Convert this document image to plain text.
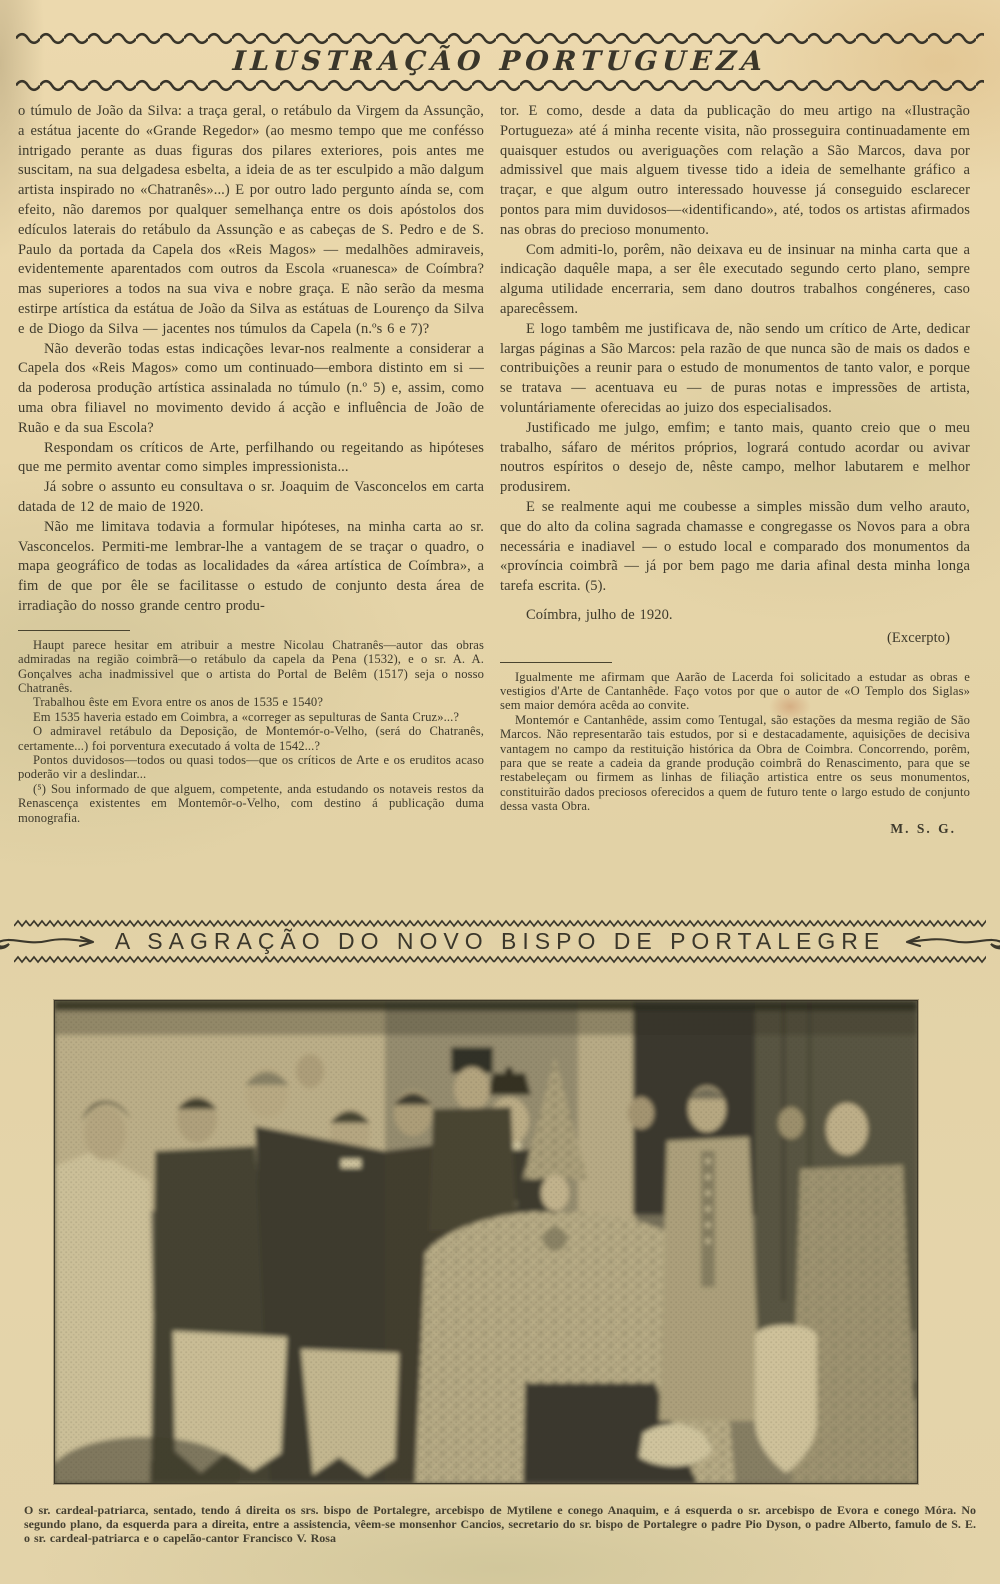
ILUSTRAÇÃO PORTUGUEZA

o túmulo de João da Silva: a traça geral, o retábulo da Virgem da Assunção, a estátua jacente do «Grande Regedor» (ao mesmo tempo que me confésso intrigado perante as duas figuras dos pilares exteriores, pois antes me suscitam, na sua delgadesa esbelta, a ideia de as ter esculpido a mão dalgum artista inspirado no «Chatranês»...) E por outro lado pergunto aínda se, com efeito, não daremos por qualquer semelhança entre os dois apóstolos dos edículos laterais do retábulo da Assunção e as cabeças de S. Pedro e de S. Paulo da portada da Capela dos «Reis Magos» — medalhões admiraveis, evidentemente aparentados com outros da Escola «ruanesca» de Coímbra? mas superiores a todos na sua viva e nobre graça. E não serão da mesma estirpe artística da estátua de João da Silva as estátuas de Lourenço da Silva e de Diogo da Silva — jacentes nos túmulos da Capela (n.ºs 6 e 7)?

Não deverão todas estas indicações levar-nos realmente a considerar a Capela dos «Reis Magos» como um continuado—embora distinto em si — da poderosa produção artística assinalada no túmulo (n.º 5) e, assim, como uma obra filiavel no movimento devido á acção e influência de João de Ruão e da sua Escola?

Respondam os críticos de Arte, perfilhando ou regeitando as hipóteses que me permito aventar como simples impressionista...

Já sobre o assunto eu consultava o sr. Joaquim de Vasconcelos em carta datada de 12 de maio de 1920.

Não me limitava todavia a formular hipóteses, na minha carta ao sr. Vasconcelos. Permiti-me lembrar-lhe a vantagem de se traçar o quadro, o mapa geográfico de todas as localidades da «área artística de Coímbra», a fim de que por êle se facilitasse o estudo de conjunto desta área de irradiação do nosso grande centro produ-

Haupt parece hesitar em atribuir a mestre Nicolau Chatranês—autor das obras admiradas na região coimbrã—o retábulo da capela da Pena (1532), e o sr. A. A. Gonçalves acha inadmissivel que o artista do Portal de Belêm (1517) seja o nosso Chatranês.

Trabalhou êste em Evora entre os anos de 1535 e 1540?

Em 1535 haveria estado em Coimbra, a «correger as sepulturas de Santa Cruz»...?

O admiravel retábulo da Deposição, de Montemór-o-Velho, (será do Chatranês, certamente...) foi porventura executado á volta de 1542...?

Pontos duvidosos—todos ou quasi todos—que os críticos de Arte e os eruditos acaso poderão vir a deslindar...

(⁵) Sou informado de que alguem, competente, anda estudando os notaveis restos da Renascença existentes em Montemôr-o-Velho, com destino á publicação duma monografia.

tor. E como, desde a data da publicação do meu artigo na «Ilustração Portugueza» até á minha recente visita, não prosseguira continuadamente em quaisquer estudos ou averiguações com relação a São Marcos, dava por admissivel que mais alguem tivesse tido a ideia de semelhante gráfico a traçar, e que algum outro interessado houvesse já conseguido esclarecer pontos para mim duvidosos—«identificando», até, todos os artistas afirmados nas obras do precioso monumento.

Com admiti-lo, porêm, não deixava eu de insinuar na minha carta que a indicação daquêle mapa, a ser êle executado segundo certo plano, sempre alguma utilidade encerraria, sem dano doutros trabalhos congéneres, caso aparecêssem.

E logo tambêm me justificava de, não sendo um crítico de Arte, dedicar largas páginas a São Marcos: pela razão de que nunca são de mais os dados e contribuições a reunir para o estudo de monumentos de tanto valor, e porque se tratava — acentuava eu — de puras notas e impressões de artista, voluntáriamente oferecidas ao juizo dos especialisados.

Justificado me julgo, emfim; e tanto mais, quanto creio que o meu trabalho, sáfaro de méritos próprios, logrará contudo acordar ou avivar noutros espíritos o desejo de, nêste campo, melhor labutarem e melhor produsirem.

E se realmente aqui me coubesse a simples missão dum velho arauto, que do alto da colina sagrada chamasse e congregasse os Novos para a obra necessária e inadiavel — o estudo local e comparado dos monumentos da «província coimbrã — já por bem pago me daria afinal desta minha longa tarefa escrita. (5).

Coímbra, julho de 1920.

(Excerpto)

Igualmente me afirmam que Aarão de Lacerda foi solicitado a estudar as obras e vestigios d'Arte de Cantanhêde. Faço votos por que o autor de «O Templo dos Siglas» sem maior demóra acêda ao convite.

Montemór e Cantanhêde, assim como Tentugal, são estações da mesma região de São Marcos. Não representarão tais estudos, por si e destacadamente, aquisições de decisiva vantagem no campo da restituição histórica da Obra de Coimbra. Concorrendo, porêm, para que se reate a cadeia da grande produção coimbrã do Renascimento, para que se restabeleçam ou firmem as linhas de filiação artistica entre os seus monumentos, constituirão dados preciosos oferecidos a quem de futuro tente o largo estudo de conjunto dessa vasta Obra.

M. S. G.

A SAGRAÇÃO DO NOVO BISPO DE PORTALEGRE

O sr. cardeal-patriarca, sentado, tendo á direita os srs. bispo de Portalegre, arcebispo de Mytilene e conego Anaquim, e á esquerda o sr. arcebispo de Evora e conego Móra. No segundo plano, da esquerda para a direita, entre a assistencia, vêem-se monsenhor Cancios, secretario do sr. bispo de Portalegre o padre Pio Dyson, o padre Alberto, famulo de S. E. o sr. cardeal-patriarca e o capelão-cantor Francisco V. Rosa
